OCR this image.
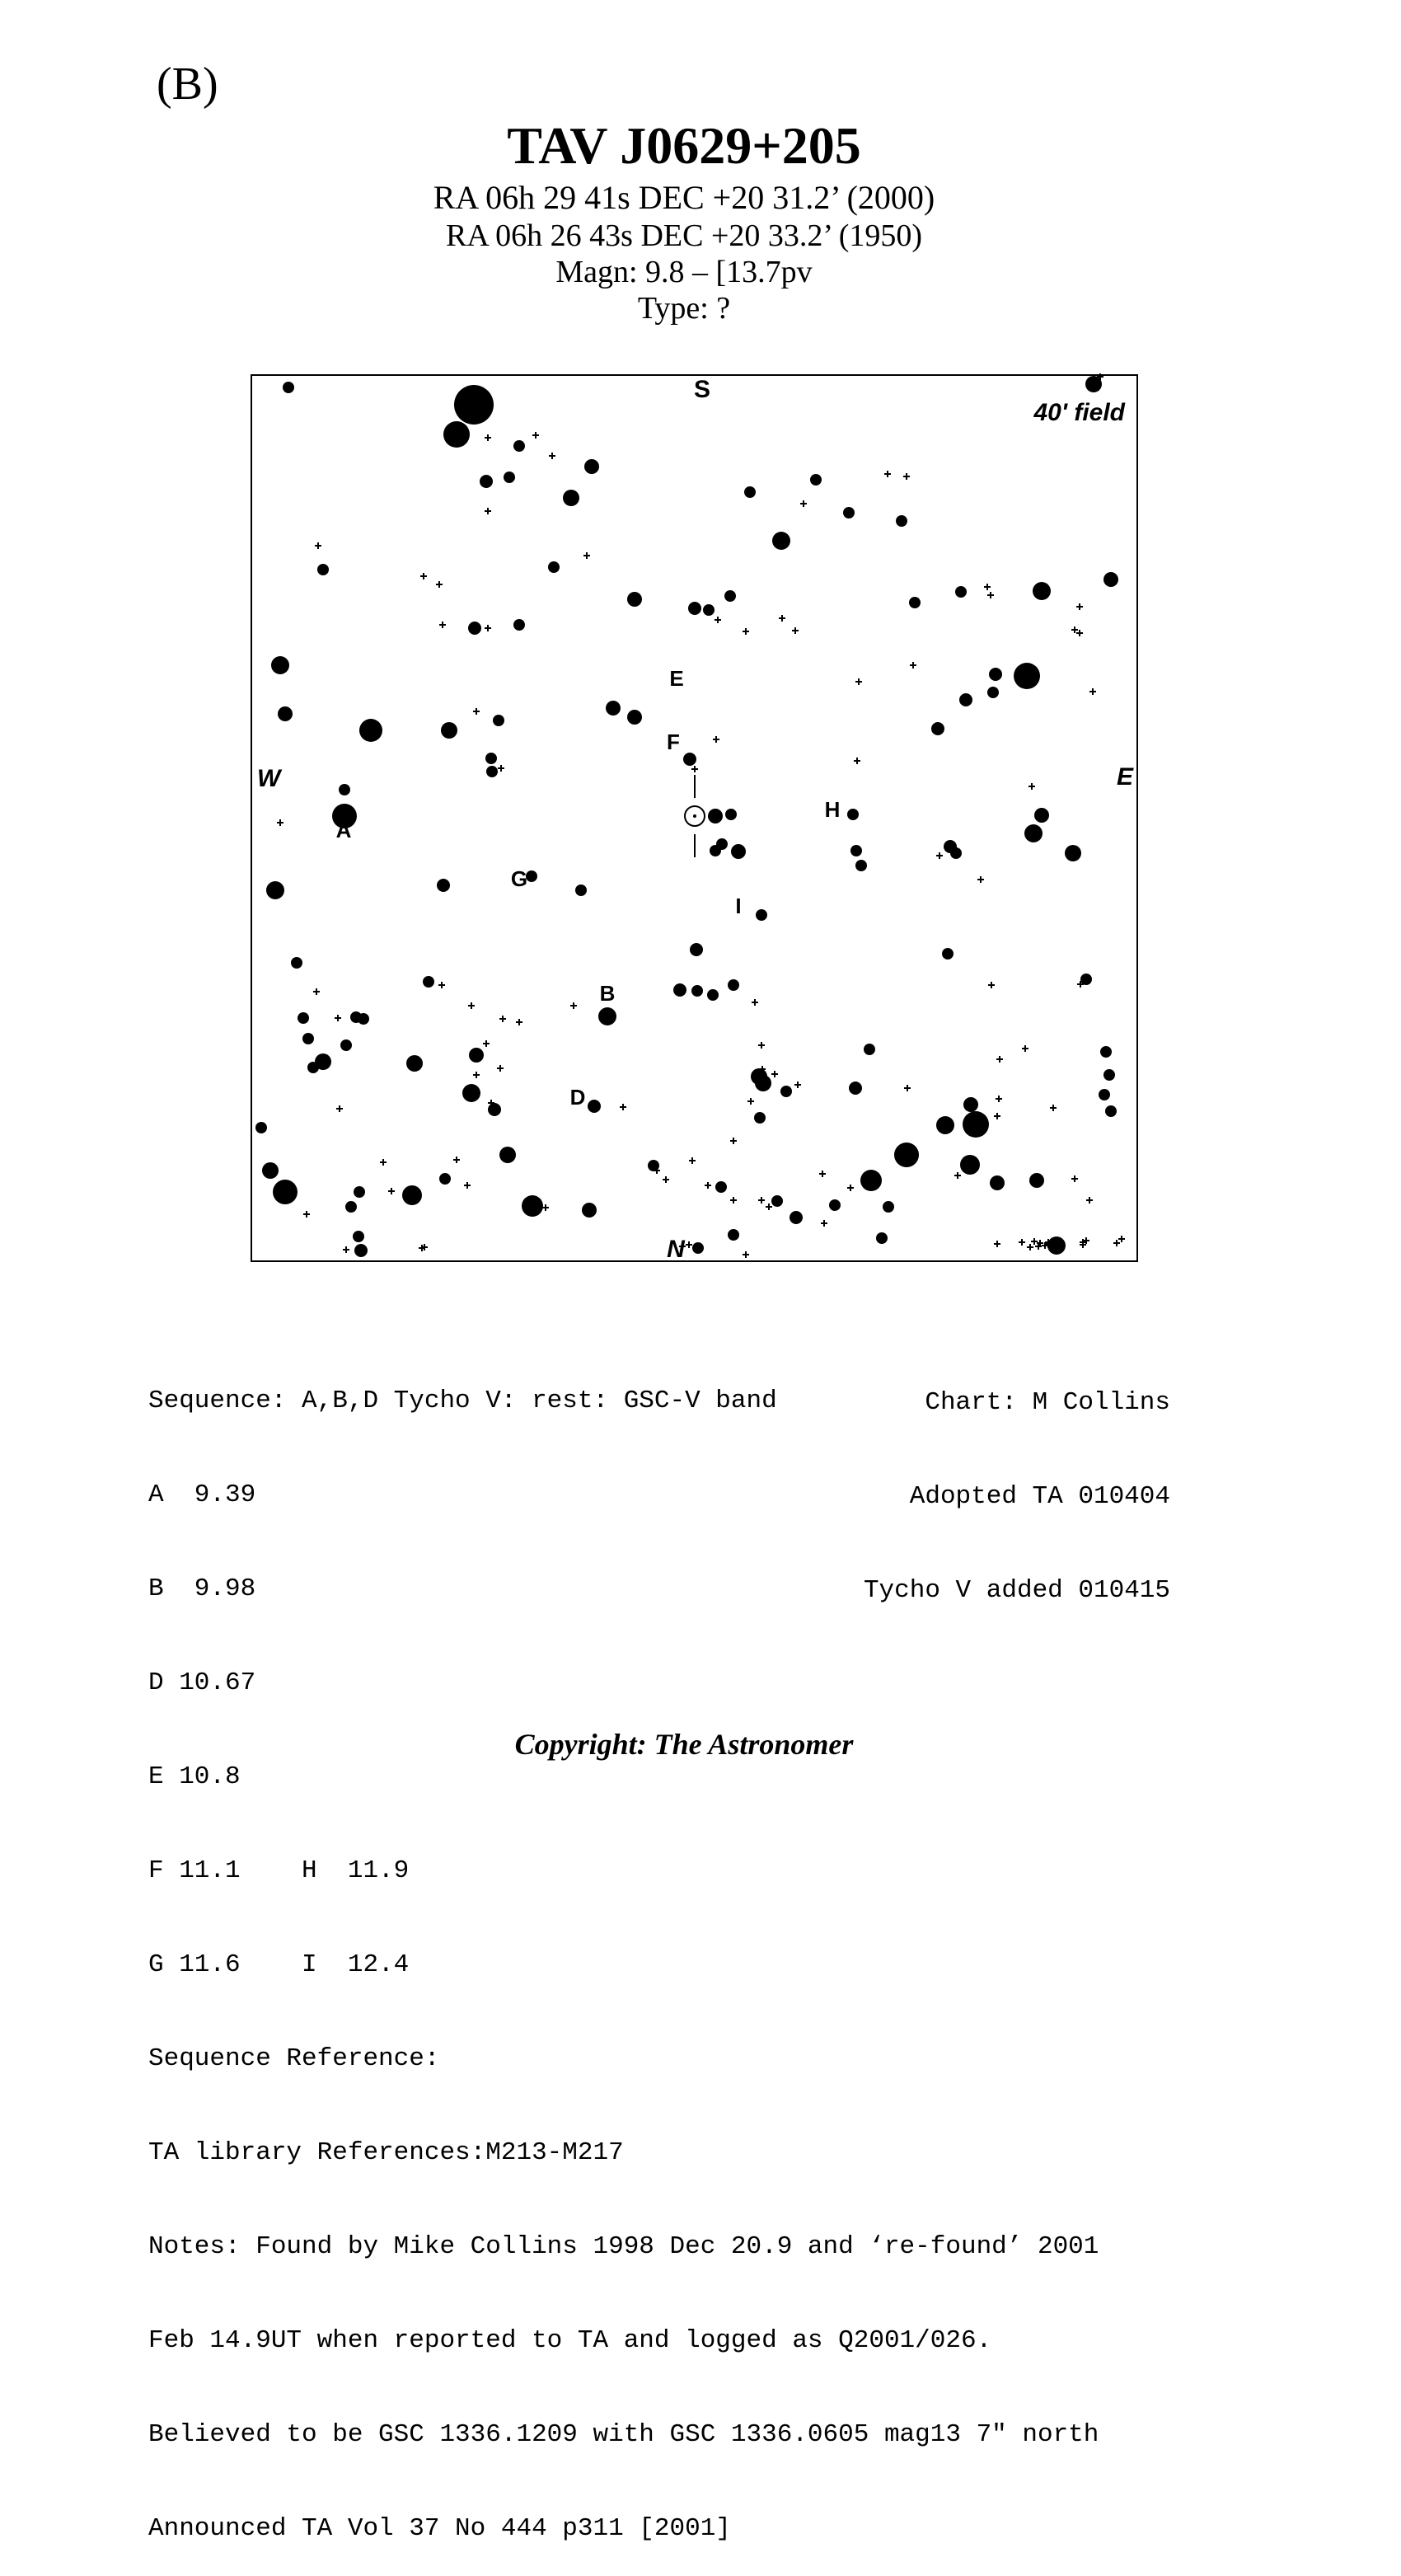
(B)
TAV J0629+205
RA 06h 29 41s DEC +20 31.2’ (2000)
RA 06h 26 43s DEC +20 33.2’ (1950)
Magn: 9.8 – [13.7pv
Type: ?
40' field
S
N
W	E
A
B
D
E
F
G
H
I

Sequence: A,B,D Tycho V: rest: GSC-V band

A  9.39

B  9.98

D 10.67

E 10.8

F 11.1    H  11.9

G 11.6    I  12.4

Sequence Reference:

TA library References:M213-M217

Notes: Found by Mike Collins 1998 Dec 20.9 and ‘re-found’ 2001

Feb 14.9UT when reported to TA and logged as Q2001/026.

Believed to be GSC 1336.1209 with GSC 1336.0605 mag13 7″ north

Announced TA Vol 37 No 444 p311 [2001]

Chart: M Collins

Adopted TA 010404

Tycho V added 010415

Copyright: The Astronomer
